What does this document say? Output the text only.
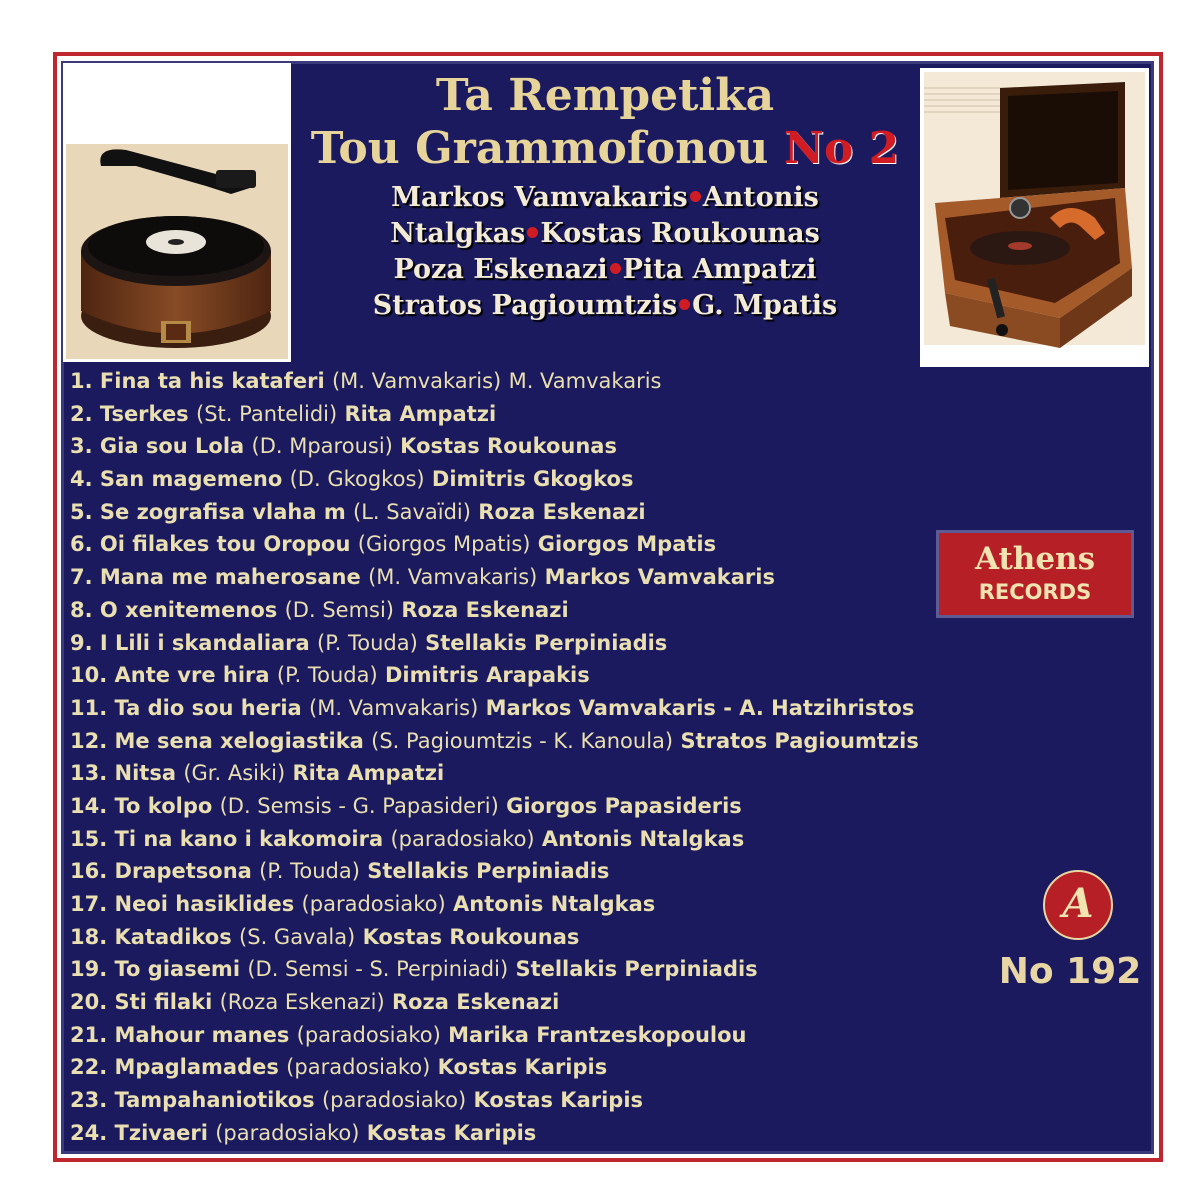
Ta Rempetika
Tou Grammofonou No 2
Markos Vamvakaris Antonis
Ntalgkas Kostas Roukounas
Poza Eskenazi Pita Ampatzi
Stratos Pagioumtzis G. Mpatis
1. Fina ta his kataferi (M. Vamvakaris) M. Vamvakaris
2. Tserkes (St. Pantelidi) Rita Ampatzi
3. Gia sou Lola (D. Mparousi) Kostas Roukounas
4. San magemeno (D. Gkogkos) Dimitris Gkogkos
5. Se zografisa vlaha m (L. Savaïdi) Roza Eskenazi
6. Oi filakes tou Oropou (Giorgos Mpatis) Giorgos Mpatis
7. Mana me maherosane (M. Vamvakaris) Markos Vamvakaris
8. O xenitemenos (D. Semsi) Roza Eskenazi
9. I Lili i skandaliara (P. Touda) Stellakis Perpiniadis
10. Ante vre hira (P. Touda) Dimitris Arapakis
11. Ta dio sou heria (M. Vamvakaris) Markos Vamvakaris - A. Hatzihristos
12. Me sena xelogiastika (S. Pagioumtzis - K. Kanoula) Stratos Pagioumtzis
13. Nitsa (Gr. Asiki) Rita Ampatzi
14. To kolpo (D. Semsis - G. Papasideri) Giorgos Papasideris
15. Ti na kano i kakomoira (paradosiako) Antonis Ntalgkas
16. Drapetsona (P. Touda) Stellakis Perpiniadis
17. Neoi hasiklides (paradosiako) Antonis Ntalgkas
18. Katadikos (S. Gavala) Kostas Roukounas
19. To giasemi (D. Semsi - S. Perpiniadi) Stellakis Perpiniadis
20. Sti filaki (Roza Eskenazi) Roza Eskenazi
21. Mahour manes (paradosiako) Marika Frantzeskopoulou
22. Mpaglamades (paradosiako) Kostas Karipis
23. Tampahaniotikos (paradosiako) Kostas Karipis
24. Tzivaeri (paradosiako) Kostas Karipis
Athens
RECORDS
A
No 192
